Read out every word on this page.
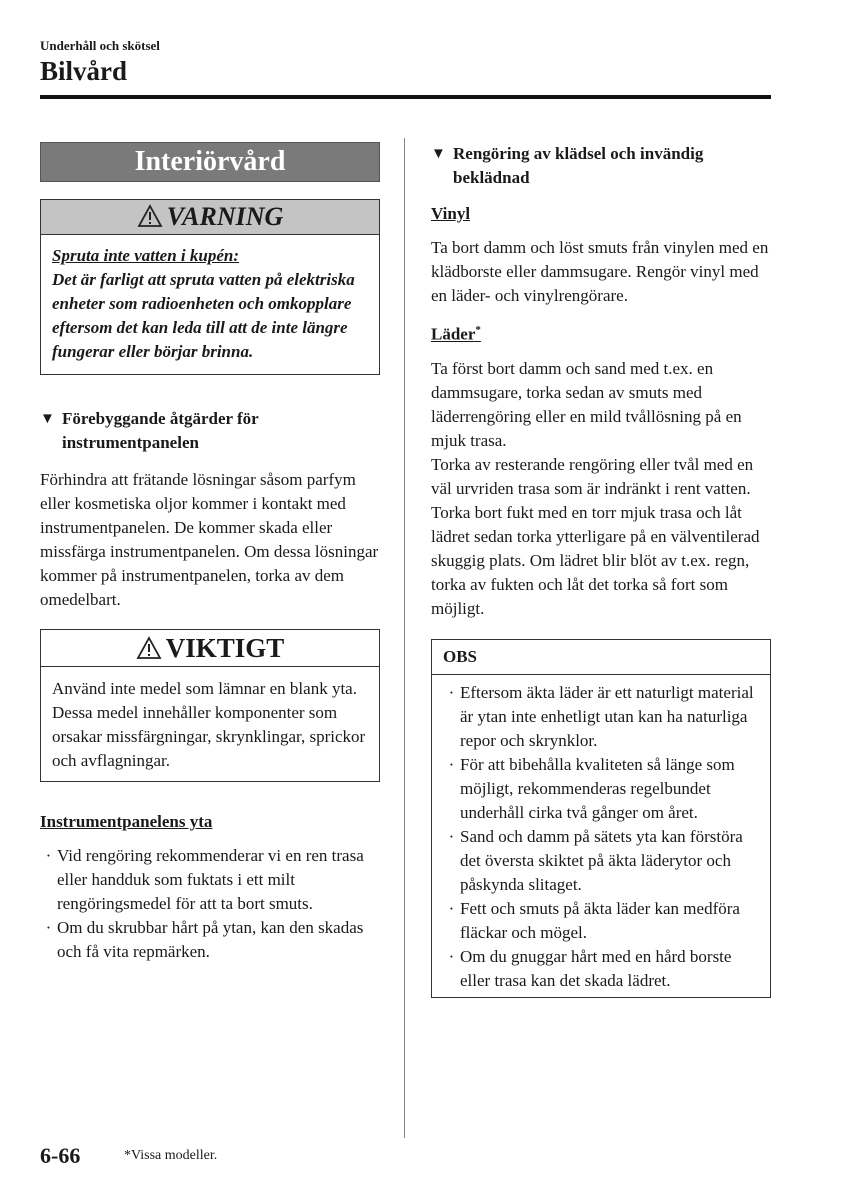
Underhåll och skötsel
Bilvård
Interiörvård
VARNING
Spruta inte vatten i kupén:
Det är farligt att spruta vatten på elektriska enheter som radioenheten och omkopplare eftersom det kan leda till att de inte längre fungerar eller börjar brinna.
▼ Förebyggande åtgärder för instrumentpanelen
Förhindra att frätande lösningar såsom parfym eller kosmetiska oljor kommer i kontakt med instrumentpanelen. De kommer skada eller missfärga instrumentpanelen. Om dessa lösningar kommer på instrumentpanelen, torka av dem omedelbart.
VIKTIGT
Använd inte medel som lämnar en blank yta.
Dessa medel innehåller komponenter som orsakar missfärgningar, skrynklingar, sprickor och avflagningar.
Instrumentpanelens yta
· Vid rengöring rekommenderar vi en ren trasa eller handduk som fuktats i ett milt rengöringsmedel för att ta bort smuts.
· Om du skrubbar hårt på ytan, kan den skadas och få vita repmärken.
▼ Rengöring av klädsel och invändig beklädnad
Vinyl
Ta bort damm och löst smuts från vinylen med en klädborste eller dammsugare. Rengör vinyl med en läder- och vinylrengörare.
Läder*
Ta först bort damm och sand med t.ex. en dammsugare, torka sedan av smuts med läderrengöring eller en mild tvållösning på en mjuk trasa.
Torka av resterande rengöring eller tvål med en väl urvriden trasa som är indränkt i rent vatten.
Torka bort fukt med en torr mjuk trasa och låt lädret sedan torka ytterligare på en välventilerad skuggig plats. Om lädret blir blöt av t.ex. regn, torka av fukten och låt det torka så fort som möjligt.
OBS
· Eftersom äkta läder är ett naturligt material är ytan inte enhetligt utan kan ha naturliga repor och skrynklor.
· För att bibehålla kvaliteten så länge som möjligt, rekommenderas regelbundet underhåll cirka två gånger om året.
· Sand och damm på sätets yta kan förstöra det översta skiktet på äkta läderytor och påskynda slitaget.
· Fett och smuts på äkta läder kan medföra fläckar och mögel.
· Om du gnuggar hårt med en hård borste eller trasa kan det skada lädret.
6-66	*Vissa modeller.
